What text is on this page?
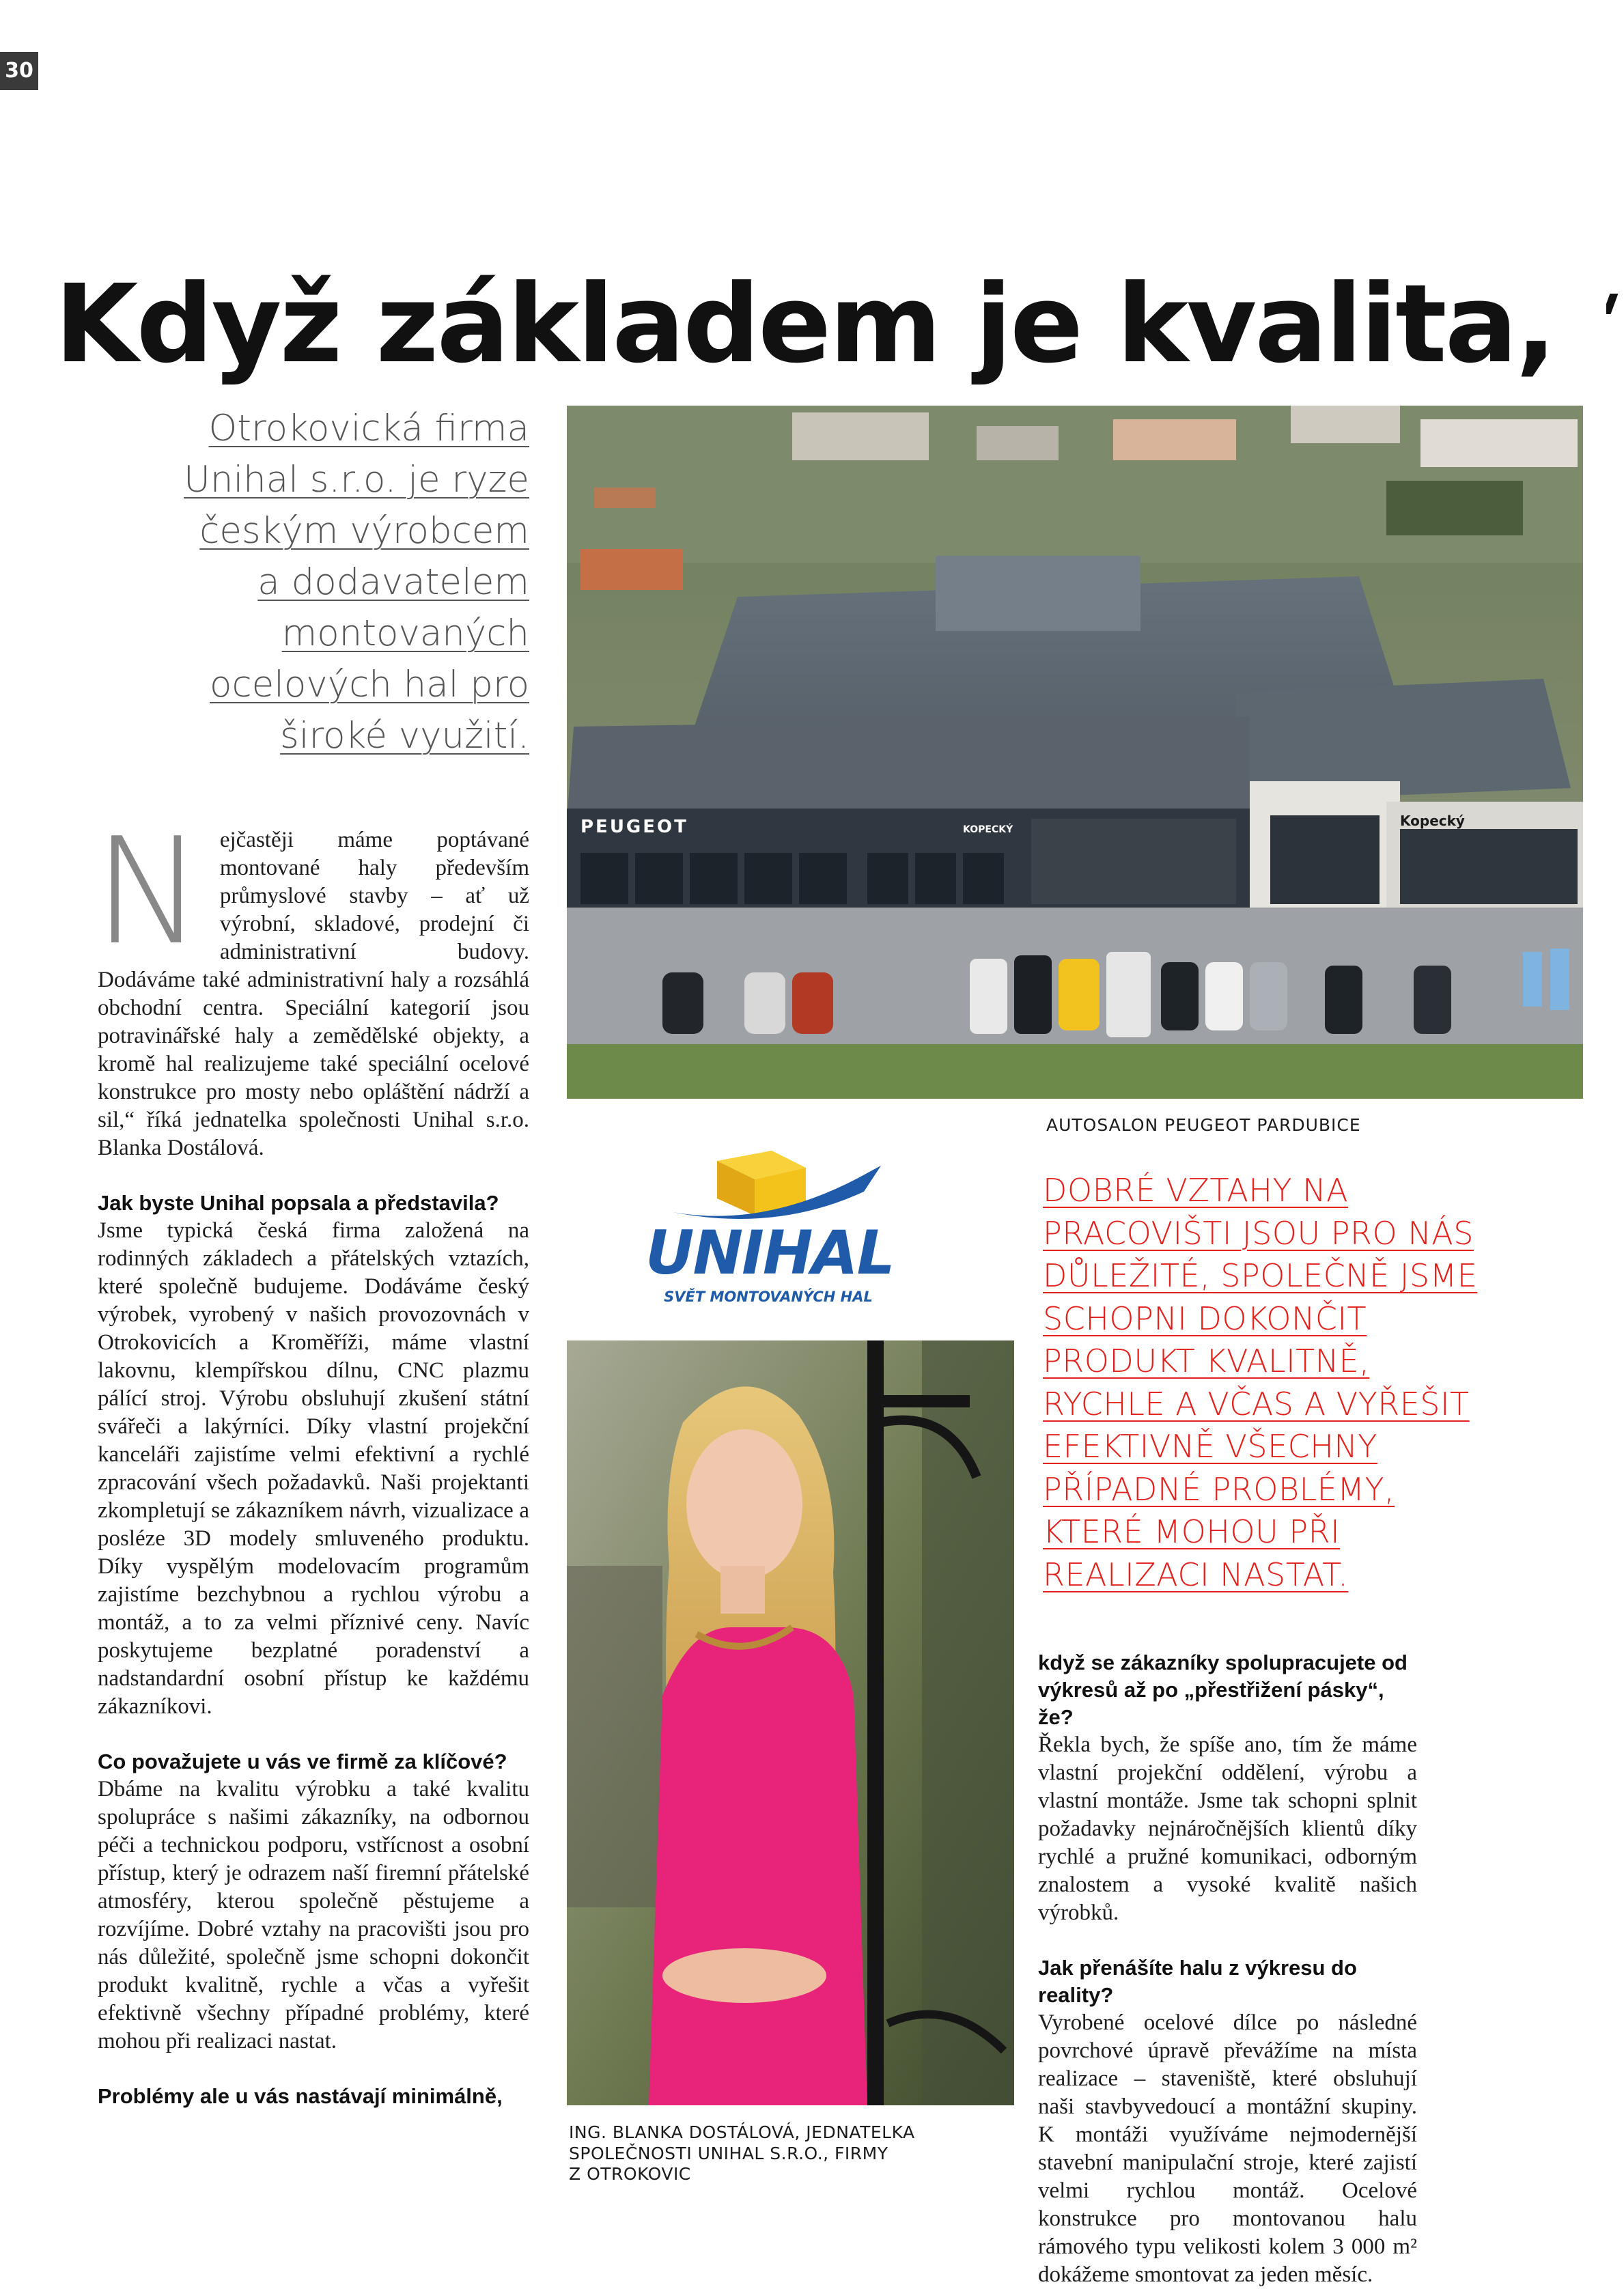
30
Když základem je kvalita,
Otrokovická firma
Unihal s.r.o. je ryze
českým výrobcem
a dodavatelem
montovaných
ocelových hal pro
široké využití.
PEUGEOT	KOPECKÝ
Kopecký
AUTOSALON PEUGEOT PARDUBICE
DOBRÉ VZTAHY NA
PRACOVIŠTI JSOU PRO NÁS
DŮLEŽITÉ, SPOLEČNĚ JSME
SCHOPNI DOKONČIT
PRODUKT KVALITNĚ,
RYCHLE A VČAS A VYŘEŠIT
EFEKTIVNĚ VŠECHNY
PŘÍPADNÉ PROBLÉMY,
KTERÉ MOHOU PŘI
REALIZACI NASTAT.
UNIHAL
SVĚT MONTOVANÝCH HAL
ING. BLANKA DOSTÁLOVÁ, JEDNATELKA
SPOLEČNOSTI UNIHAL S.R.O., FIRMY
Z OTROKOVIC

Nejčastěji máme poptávané montované haly především průmyslové stavby – ať už výrobní, skladové, prodejní či administrativní budovy. Dodáváme také administrativní haly a rozsáhlá obchodní centra. Speciální kategorií jsou potravinářské haly a zemědělské objekty, a kromě hal realizujeme také speciální ocelové konstrukce pro mosty nebo opláštění nádrží a sil,“ říká jednatelka společnosti Unihal s.r.o. Blanka Dostálová.

Jak byste Unihal popsala a představila?

Jsme typická česká firma založená na rodinných základech a přátelských vztazích, které společně budujeme. Dodáváme český výrobek, vyrobený v našich provozovnách v Otrokovicích a Kroměříži, máme vlastní lakovnu, klempířskou dílnu, CNC plazmu pálící stroj. Výrobu obsluhují zkušení státní svářeči a lakýrníci. Díky vlastní projekční kanceláři zajistíme velmi efektivní a rychlé zpracování všech požadavků. Naši projektanti zkompletují se zákazníkem návrh, vizualizace a posléze 3D modely smluveného produktu. Díky vyspělým modelovacím programům zajistíme bezchybnou a rychlou výrobu a montáž, a to za velmi příznivé ceny. Navíc poskytujeme bezplatné poradenství a nadstandardní osobní přístup ke každému zákazníkovi.

Co považujete u vás ve firmě za klíčové?

Dbáme na kvalitu výrobku a také kvalitu spolupráce s našimi zákazníky, na odbornou péči a technickou podporu, vstřícnost a osobní přístup, který je odrazem naší firemní přátelské atmosféry, kterou společně pěstujeme a rozvíjíme. Dobré vztahy na pracovišti jsou pro nás důležité, společně jsme schopni dokončit produkt kvalitně, rychle a včas a vyřešit efektivně všechny případné problémy, které mohou při realizaci nastat.

Problémy ale u vás nastávají minimálně,

když se zákazníky spolupracujete od výkresů až po „přestřižení pásky“, že?

Řekla bych, že spíše ano, tím že máme vlastní projekční oddělení, výrobu a vlastní montáže. Jsme tak schopni splnit požadavky nejnáročnějších klientů díky rychlé a pružné komunikaci, odborným znalostem a vysoké kvalitě našich výrobků.

Jak přenášíte halu z výkresu do reality?

Vyrobené ocelové dílce po následné povrchové úpravě převážíme na místa realizace – staveniště, které obsluhují naši stavbyvedoucí a montážní skupiny. K montáži využíváme nejmodernější stavební manipulační stroje, které zajistí velmi rychlou montáž. Ocelové konstrukce pro montovanou halu rámového typu velikosti kolem 3 000 m² dokážeme smontovat za jeden měsíc.
